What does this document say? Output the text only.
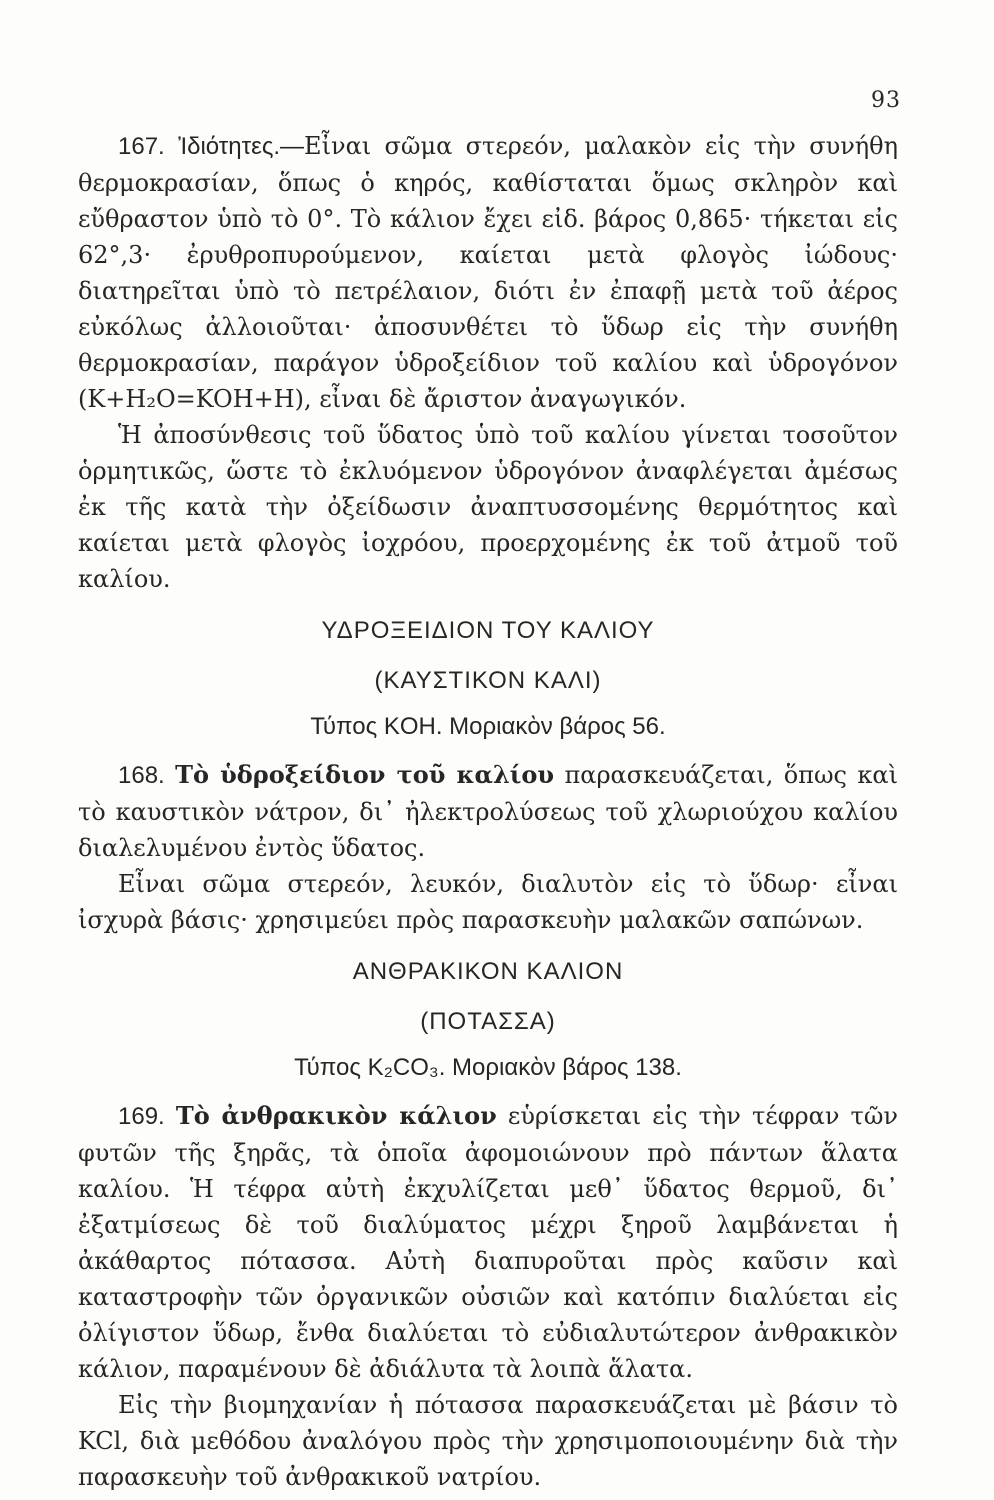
93

167. Ἰδιότητες.—Εἶναι σῶμα στερεόν, μαλακὸν εἰς τὴν συνήθη θερμοκρασίαν, ὅπως ὁ κηρός, καθίσταται ὅμως σκληρὸν καὶ εὔθραστον ὑπὸ τὸ 0°. Τὸ κάλιον ἔχει εἰδ. βάρος 0,865· τήκεται εἰς 62°,3· ἐρυθροπυρούμενον, καίεται μετὰ φλογὸς ἰώδους· διατηρεῖται ὑπὸ τὸ πετρέλαιον, διότι ἐν ἐπαφῇ μετὰ τοῦ ἀέρος εὐκόλως ἀλλοιοῦται· ἀποσυνθέτει τὸ ὕδωρ εἰς τὴν συνήθη θερμοκρασίαν, παράγον ὑδροξείδιον τοῦ καλίου καὶ ὑδρογόνον (K+H₂O=KOH+H), εἶναι δὲ ἄριστον ἀναγωγικόν.

Ἡ ἀποσύνθεσις τοῦ ὕδατος ὑπὸ τοῦ καλίου γίνεται τοσοῦτον ὁρμητικῶς, ὥστε τὸ ἐκλυόμενον ὑδρογόνον ἀναφλέγεται ἀμέσως ἐκ τῆς κατὰ τὴν ὀξείδωσιν ἀναπτυσσομένης θερμότητος καὶ καίεται μετὰ φλογὸς ἰοχρόου, προερχομένης ἐκ τοῦ ἀτμοῦ τοῦ καλίου.

ΥΔΡΟΞΕΙΔΙΟΝ ΤΟΥ ΚΑΛΙΟΥ
(ΚΑΥΣΤΙΚΟΝ ΚΑΛΙ)
Τύπος KOH. Μοριακὸν βάρος 56.

168. Τὸ ὑδροξείδιον τοῦ καλίου παρασκευάζεται, ὅπως καὶ τὸ καυστικὸν νάτρον, δι᾽ ἠλεκτρολύσεως τοῦ χλωριούχου καλίου διαλελυμένου ἐντὸς ὕδατος.

Εἶναι σῶμα στερεόν, λευκόν, διαλυτὸν εἰς τὸ ὕδωρ· εἶναι ἰσχυρὰ βάσις· χρησιμεύει πρὸς παρασκευὴν μαλακῶν σαπώνων.

ΑΝΘΡΑΚΙΚΟΝ ΚΑΛΙΟΝ
(ΠΟΤΑΣΣΑ)
Τύπος K₂CO₃. Μοριακὸν βάρος 138.

169. Τὸ ἀνθρακικὸν κάλιον εὑρίσκεται εἰς τὴν τέφραν τῶν φυτῶν τῆς ξηρᾶς, τὰ ὁποῖα ἀφομοιώνουν πρὸ πάντων ἅλατα καλίου. Ἡ τέφρα αὐτὴ ἐκχυλίζεται μεθ᾽ ὕδατος θερμοῦ, δι᾽ ἐξατμίσεως δὲ τοῦ διαλύματος μέχρι ξηροῦ λαμβάνεται ἡ ἀκάθαρτος πότασσα. Αὐτὴ διαπυροῦται πρὸς καῦσιν καὶ καταστροφὴν τῶν ὀργανικῶν οὐσιῶν καὶ κατόπιν διαλύεται εἰς ὀλίγιστον ὕδωρ, ἔνθα διαλύεται τὸ εὐδιαλυτώτερον ἀνθρακικὸν κάλιον, παραμένουν δὲ ἀδιάλυτα τὰ λοιπὰ ἅλατα.

Εἰς τὴν βιομηχανίαν ἡ πότασσα παρασκευάζεται μὲ βάσιν τὸ KCl, διὰ μεθόδου ἀναλόγου πρὸς τὴν χρησιμοποιουμένην διὰ τὴν παρασκευὴν τοῦ ἀνθρακικοῦ νατρίου.
